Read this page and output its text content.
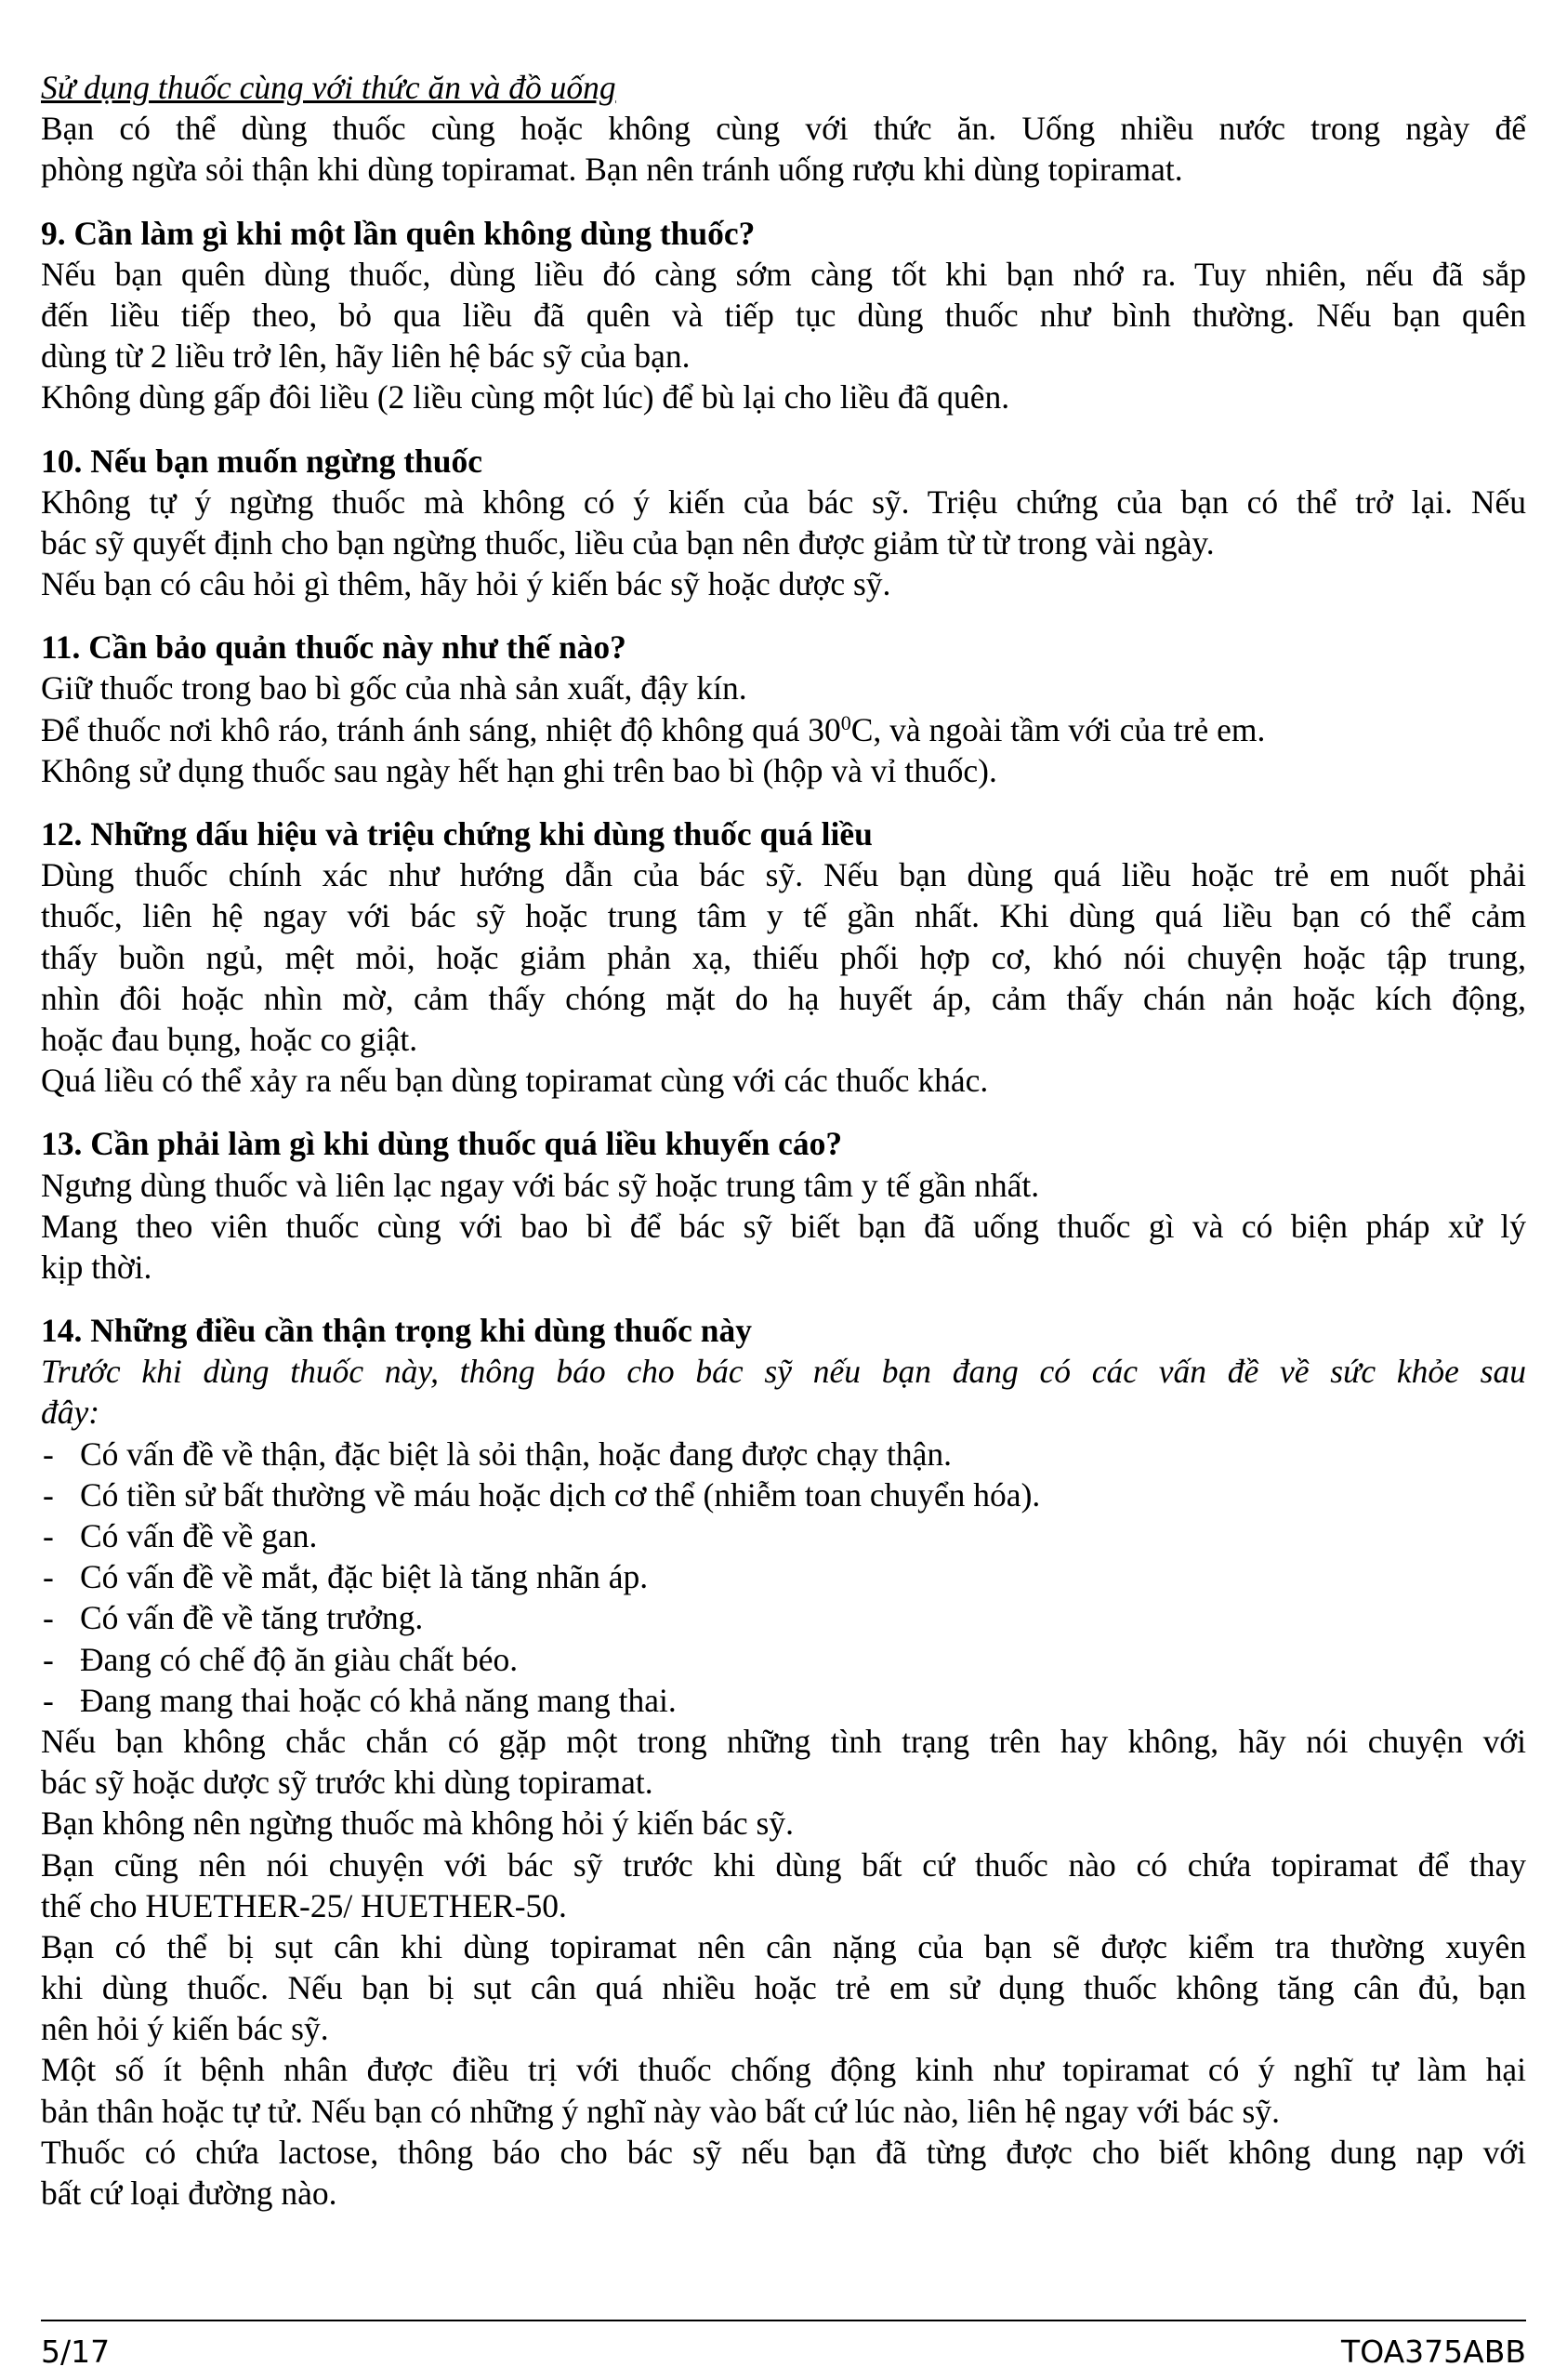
Sử dụng thuốc cùng với thức ăn và đồ uống
Bạn có thể dùng thuốc cùng hoặc không cùng với thức ăn. Uống nhiều nước trong ngày để
phòng ngừa sỏi thận khi dùng topiramat. Bạn nên tránh uống rượu khi dùng topiramat.
9. Cần làm gì khi một lần quên không dùng thuốc?
Nếu bạn quên dùng thuốc, dùng liều đó càng sớm càng tốt khi bạn nhớ ra. Tuy nhiên, nếu đã sắp
đến liều tiếp theo, bỏ qua liều đã quên và tiếp tục dùng thuốc như bình thường. Nếu bạn quên
dùng từ 2 liều trở lên, hãy liên hệ bác sỹ của bạn.
Không dùng gấp đôi liều (2 liều cùng một lúc) để bù lại cho liều đã quên.
10. Nếu bạn muốn ngừng thuốc
Không tự ý ngừng thuốc mà không có ý kiến của bác sỹ. Triệu chứng của bạn có thể trở lại. Nếu
bác sỹ quyết định cho bạn ngừng thuốc, liều của bạn nên được giảm từ từ trong vài ngày.
Nếu bạn có câu hỏi gì thêm, hãy hỏi ý kiến bác sỹ hoặc dược sỹ.
11. Cần bảo quản thuốc này như thế nào?
Giữ thuốc trong bao bì gốc của nhà sản xuất, đậy kín.
Để thuốc nơi khô ráo, tránh ánh sáng, nhiệt độ không quá $30^0C$, và ngoài tầm với của trẻ em.
Không sử dụng thuốc sau ngày hết hạn ghi trên bao bì (hộp và vỉ thuốc).
12. Những dấu hiệu và triệu chứng khi dùng thuốc quá liều
Dùng thuốc chính xác như hướng dẫn của bác sỹ. Nếu bạn dùng quá liều hoặc trẻ em nuốt phải
thuốc, liên hệ ngay với bác sỹ hoặc trung tâm y tế gần nhất. Khi dùng quá liều bạn có thể cảm
thấy buồn ngủ, mệt mỏi, hoặc giảm phản xạ, thiếu phối hợp cơ, khó nói chuyện hoặc tập trung,
nhìn đôi hoặc nhìn mờ, cảm thấy chóng mặt do hạ huyết áp, cảm thấy chán nản hoặc kích động,
hoặc đau bụng, hoặc co giật.
Quá liều có thể xảy ra nếu bạn dùng topiramat cùng với các thuốc khác.
13. Cần phải làm gì khi dùng thuốc quá liều khuyến cáo?
Ngưng dùng thuốc và liên lạc ngay với bác sỹ hoặc trung tâm y tế gần nhất.
Mang theo viên thuốc cùng với bao bì để bác sỹ biết bạn đã uống thuốc gì và có biện pháp xử lý
kịp thời.
14. Những điều cần thận trọng khi dùng thuốc này
Trước khi dùng thuốc này, thông báo cho bác sỹ nếu bạn đang có các vấn đề về sức khỏe sau
đây:
- Có vấn đề về thận, đặc biệt là sỏi thận, hoặc đang được chạy thận.
- Có tiền sử bất thường về máu hoặc dịch cơ thể (nhiễm toan chuyển hóa).
- Có vấn đề về gan.
- Có vấn đề về mắt, đặc biệt là tăng nhãn áp.
- Có vấn đề về tăng trưởng.
- Đang có chế độ ăn giàu chất béo.
- Đang mang thai hoặc có khả năng mang thai.
Nếu bạn không chắc chắn có gặp một trong những tình trạng trên hay không, hãy nói chuyện với
bác sỹ hoặc dược sỹ trước khi dùng topiramat.
Bạn không nên ngừng thuốc mà không hỏi ý kiến bác sỹ.
Bạn cũng nên nói chuyện với bác sỹ trước khi dùng bất cứ thuốc nào có chứa topiramat để thay
thế cho HUETHER-25/ HUETHER-50.
Bạn có thể bị sụt cân khi dùng topiramat nên cân nặng của bạn sẽ được kiểm tra thường xuyên
khi dùng thuốc. Nếu bạn bị sụt cân quá nhiều hoặc trẻ em sử dụng thuốc không tăng cân đủ, bạn
nên hỏi ý kiến bác sỹ.
Một số ít bệnh nhân được điều trị với thuốc chống động kinh như topiramat có ý nghĩ tự làm hại
bản thân hoặc tự tử. Nếu bạn có những ý nghĩ này vào bất cứ lúc nào, liên hệ ngay với bác sỹ.
Thuốc có chứa lactose, thông báo cho bác sỹ nếu bạn đã từng được cho biết không dung nạp với
bất cứ loại đường nào.
5/17	TOA375ABB
